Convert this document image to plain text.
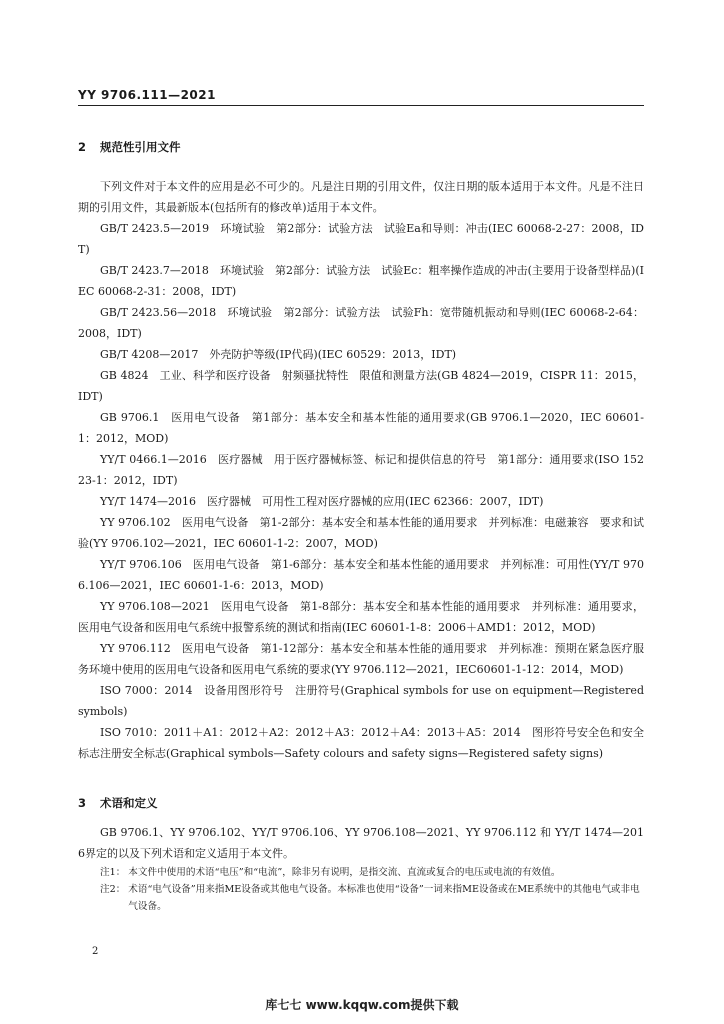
YY 9706.111—2021
2 规范性引用文件

下列文件对于本文件的应用是必不可少的。凡是注日期的引用文件，仅注日期的版本适用于本文件。凡是不注日期的引用文件，其最新版本(包括所有的修改单)适用于本文件。

GB/T 2423.5—2019　环境试验　第2部分：试验方法　试验Ea和导则：冲击(IEC 60068-2-27：2008，IDT)

GB/T 2423.7—2018　环境试验　第2部分：试验方法　试验Ec：粗率操作造成的冲击(主要用于设备型样品)(IEC 60068-2-31：2008，IDT)

GB/T 2423.56—2018　环境试验　第2部分：试验方法　试验Fh：宽带随机振动和导则(IEC 60068-2-64：2008，IDT)

GB/T 4208—2017　外壳防护等级(IP代码)(IEC 60529：2013，IDT)

GB 4824　工业、科学和医疗设备　射频骚扰特性　限值和测量方法(GB 4824—2019，CISPR 11：2015，IDT)

GB 9706.1　医用电气设备　第1部分：基本安全和基本性能的通用要求(GB 9706.1—2020，IEC 60601-1：2012，MOD)

YY/T 0466.1—2016　医疗器械　用于医疗器械标签、标记和提供信息的符号　第1部分：通用要求(ISO 15223-1：2012，IDT)

YY/T 1474—2016　医疗器械　可用性工程对医疗器械的应用(IEC 62366：2007，IDT)

YY 9706.102　医用电气设备　第1-2部分：基本安全和基本性能的通用要求　并列标准：电磁兼容　要求和试验(YY 9706.102—2021，IEC 60601-1-2：2007，MOD)

YY/T 9706.106　医用电气设备　第1-6部分：基本安全和基本性能的通用要求　并列标准：可用性(YY/T 9706.106—2021，IEC 60601-1-6：2013，MOD)

YY 9706.108—2021　医用电气设备　第1-8部分：基本安全和基本性能的通用要求　并列标准：通用要求，医用电气设备和医用电气系统中报警系统的测试和指南(IEC 60601-1-8：2006＋AMD1：2012，MOD)

YY 9706.112　医用电气设备　第1-12部分：基本安全和基本性能的通用要求　并列标准：预期在紧急医疗服务环境中使用的医用电气设备和医用电气系统的要求(YY 9706.112—2021，IEC60601-1-12：2014，MOD)

ISO 7000：2014　设备用图形符号　注册符号(Graphical symbols for use on equipment—Registered symbols)

ISO 7010：2011＋A1：2012＋A2：2012＋A3：2012＋A4：2013＋A5：2014　图形符号安全色和安全标志注册安全标志(Graphical symbols—Safety colours and safety signs—Registered safety signs)

3 术语和定义

GB 9706.1、YY 9706.102、YY/T 9706.106、YY 9706.108—2021、YY 9706.112 和 YY/T 1474—2016界定的以及下列术语和定义适用于本文件。

注1： 本文件中使用的术语“电压”和“电流”，除非另有说明，是指交流、直流或复合的电压或电流的有效值。
注2： 术语“电气设备”用来指ME设备或其他电气设备。本标准也使用“设备”一词来指ME设备或在ME系统中的其他电气或非电气设备。
2
库七七 www.kqqw.com提供下载
